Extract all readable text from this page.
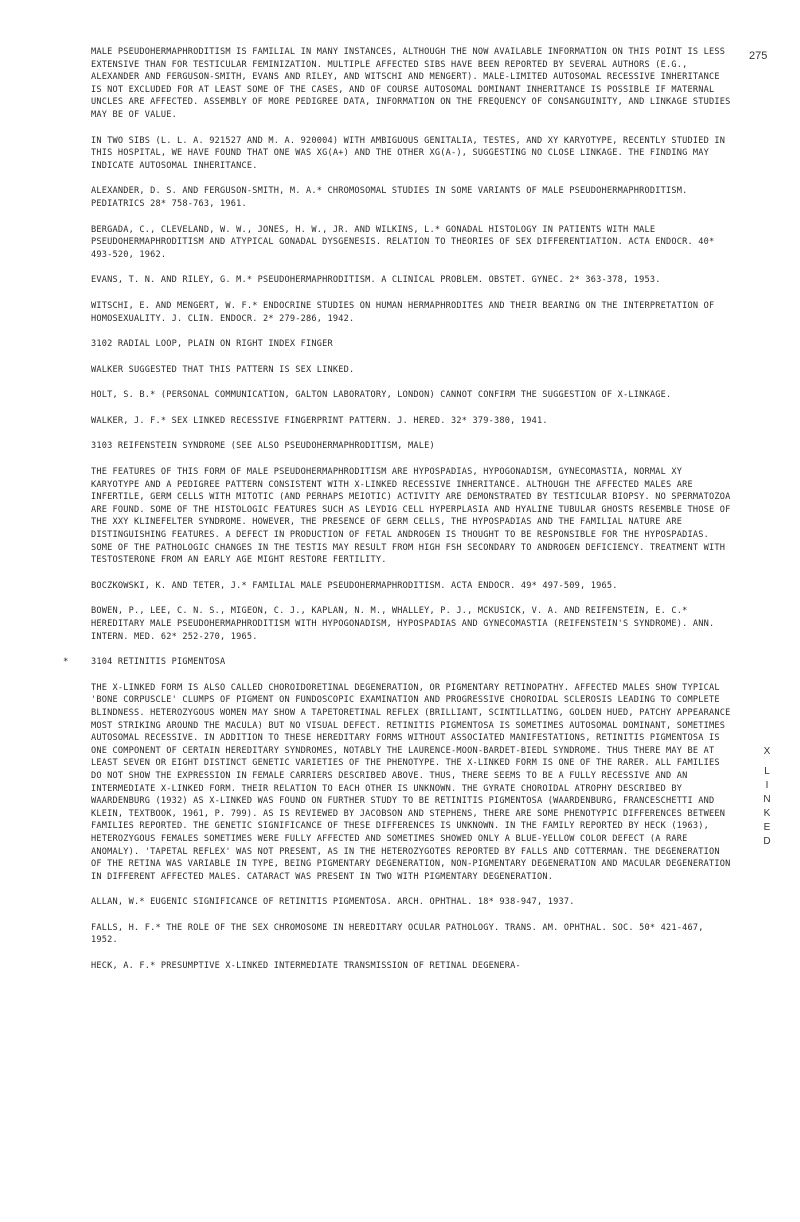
275

MALE PSEUDOHERMAPHRODITISM IS FAMILIAL IN MANY INSTANCES, ALTHOUGH THE NOW AVAILABLE INFORMATION ON THIS POINT IS LESS EXTENSIVE THAN FOR TESTICULAR FEMINIZATION. MULTIPLE AFFECTED SIBS HAVE BEEN REPORTED BY SEVERAL AUTHORS (E.G., ALEXANDER AND FERGUSON-SMITH, EVANS AND RILEY, AND WITSCHI AND MENGERT). MALE-LIMITED AUTOSOMAL RECESSIVE INHERITANCE IS NOT EXCLUDED FOR AT LEAST SOME OF THE CASES, AND OF COURSE AUTOSOMAL DOMINANT INHERITANCE IS POSSIBLE IF MATERNAL UNCLES ARE AFFECTED. ASSEMBLY OF MORE PEDIGREE DATA, INFORMATION ON THE FREQUENCY OF CONSANGUINITY, AND LINKAGE STUDIES MAY BE OF VALUE.

IN TWO SIBS (L. L. A. 921527 AND M. A. 920004) WITH AMBIGUOUS GENITALIA, TESTES, AND XY KARYOTYPE, RECENTLY STUDIED IN THIS HOSPITAL, WE HAVE FOUND THAT ONE WAS XG(A+) AND THE OTHER XG(A-), SUGGESTING NO CLOSE LINKAGE. THE FINDING MAY INDICATE AUTOSOMAL INHERITANCE.

ALEXANDER, D. S. AND FERGUSON-SMITH, M. A.* CHROMOSOMAL STUDIES IN SOME VARIANTS OF MALE PSEUDOHERMAPHRODITISM. PEDIATRICS 28* 758-763, 1961.

BERGADA, C., CLEVELAND, W. W., JONES, H. W., JR. AND WILKINS, L.* GONADAL HISTOLOGY IN PATIENTS WITH MALE PSEUDOHERMAPHRODITISM AND ATYPICAL GONADAL DYSGENESIS. RELATION TO THEORIES OF SEX DIFFERENTIATION. ACTA ENDOCR. 40* 493-520, 1962.

EVANS, T. N. AND RILEY, G. M.* PSEUDOHERMAPHRODITISM. A CLINICAL PROBLEM. OBSTET. GYNEC. 2* 363-378, 1953.

WITSCHI, E. AND MENGERT, W. F.* ENDOCRINE STUDIES ON HUMAN HERMAPHRODITES AND THEIR BEARING ON THE INTERPRETATION OF HOMOSEXUALITY. J. CLIN. ENDOCR. 2* 279-286, 1942.

3102 RADIAL LOOP, PLAIN ON RIGHT INDEX FINGER

WALKER SUGGESTED THAT THIS PATTERN IS SEX LINKED.

HOLT, S. B.* (PERSONAL COMMUNICATION, GALTON LABORATORY, LONDON) CANNOT CONFIRM THE SUGGESTION OF X-LINKAGE.

WALKER, J. F.* SEX LINKED RECESSIVE FINGERPRINT PATTERN. J. HERED. 32* 379-380, 1941.

3103 REIFENSTEIN SYNDROME (SEE ALSO PSEUDOHERMAPHRODITISM, MALE)

THE FEATURES OF THIS FORM OF MALE PSEUDOHERMAPHRODITISM ARE HYPOSPADIAS, HYPOGONADISM, GYNECOMASTIA, NORMAL XY KARYOTYPE AND A PEDIGREE PATTERN CONSISTENT WITH X-LINKED RECESSIVE INHERITANCE. ALTHOUGH THE AFFECTED MALES ARE INFERTILE, GERM CELLS WITH MITOTIC (AND PERHAPS MEIOTIC) ACTIVITY ARE DEMONSTRATED BY TESTICULAR BIOPSY. NO SPERMATOZOA ARE FOUND. SOME OF THE HISTOLOGIC FEATURES SUCH AS LEYDIG CELL HYPERPLASIA AND HYALINE TUBULAR GHOSTS RESEMBLE THOSE OF THE XXY KLINEFELTER SYNDROME. HOWEVER, THE PRESENCE OF GERM CELLS, THE HYPOSPADIAS AND THE FAMILIAL NATURE ARE DISTINGUISHING FEATURES. A DEFECT IN PRODUCTION OF FETAL ANDROGEN IS THOUGHT TO BE RESPONSIBLE FOR THE HYPOSPADIAS. SOME OF THE PATHOLOGIC CHANGES IN THE TESTIS MAY RESULT FROM HIGH FSH SECONDARY TO ANDROGEN DEFICIENCY. TREATMENT WITH TESTOSTERONE FROM AN EARLY AGE MIGHT RESTORE FERTILITY.

BOCZKOWSKI, K. AND TETER, J.* FAMILIAL MALE PSEUDOHERMAPHRODITISM. ACTA ENDOCR. 49* 497-509, 1965.

BOWEN, P., LEE, C. N. S., MIGEON, C. J., KAPLAN, N. M., WHALLEY, P. J., MCKUSICK, V. A. AND REIFENSTEIN, E. C.* HEREDITARY MALE PSEUDOHERMAPHRODITISM WITH HYPOGONADISM, HYPOSPADIAS AND GYNECOMASTIA (REIFENSTEIN'S SYNDROME). ANN. INTERN. MED. 62* 252-270, 1965.

*	3104 RETINITIS PIGMENTOSA

THE X-LINKED FORM IS ALSO CALLED CHOROIDORETINAL DEGENERATION, OR PIGMENTARY RETINOPATHY. AFFECTED MALES SHOW TYPICAL 'BONE CORPUSCLE' CLUMPS OF PIGMENT ON FUNDOSCOPIC EXAMINATION AND PROGRESSIVE CHOROIDAL SCLEROSIS LEADING TO COMPLETE BLINDNESS. HETEROZYGOUS WOMEN MAY SHOW A TAPETORETINAL REFLEX (BRILLIANT, SCINTILLATING, GOLDEN HUED, PATCHY APPEARANCE MOST STRIKING AROUND THE MACULA) BUT NO VISUAL DEFECT. RETINITIS PIGMENTOSA IS SOMETIMES AUTOSOMAL DOMINANT, SOMETIMES AUTOSOMAL RECESSIVE. IN ADDITION TO THESE HEREDITARY FORMS WITHOUT ASSOCIATED MANIFESTATIONS, RETINITIS PIGMENTOSA IS ONE COMPONENT OF CERTAIN HEREDITARY SYNDROMES, NOTABLY THE LAURENCE-MOON-BARDET-BIEDL SYNDROME. THUS THERE MAY BE AT LEAST SEVEN OR EIGHT DISTINCT GENETIC VARIETIES OF THE PHENOTYPE. THE X-LINKED FORM IS ONE OF THE RARER. ALL FAMILIES DO NOT SHOW THE EXPRESSION IN FEMALE CARRIERS DESCRIBED ABOVE. THUS, THERE SEEMS TO BE A FULLY RECESSIVE AND AN INTERMEDIATE X-LINKED FORM. THEIR RELATION TO EACH OTHER IS UNKNOWN. THE GYRATE CHOROIDAL ATROPHY DESCRIBED BY WAARDENBURG (1932) AS X-LINKED WAS FOUND ON FURTHER STUDY TO BE RETINITIS PIGMENTOSA (WAARDENBURG, FRANCESCHETTI AND KLEIN, TEXTBOOK, 1961, P. 799). AS IS REVIEWED BY JACOBSON AND STEPHENS, THERE ARE SOME PHENOTYPIC DIFFERENCES BETWEEN FAMILIES REPORTED. THE GENETIC SIGNIFICANCE OF THESE DIFFERENCES IS UNKNOWN. IN THE FAMILY REPORTED BY HECK (1963), HETEROZYGOUS FEMALES SOMETIMES WERE FULLY AFFECTED AND SOMETIMES SHOWED ONLY A BLUE-YELLOW COLOR DEFECT (A RARE ANOMALY). 'TAPETAL REFLEX' WAS NOT PRESENT, AS IN THE HETEROZYGOTES REPORTED BY FALLS AND COTTERMAN. THE DEGENERATION OF THE RETINA WAS VARIABLE IN TYPE, BEING PIGMENTARY DEGENERATION, NON-PIGMENTARY DEGENERATION AND MACULAR DEGENERATION IN DIFFERENT AFFECTED MALES. CATARACT WAS PRESENT IN TWO WITH PIGMENTARY DEGENERATION.

ALLAN, W.* EUGENIC SIGNIFICANCE OF RETINITIS PIGMENTOSA. ARCH. OPHTHAL. 18* 938-947, 1937.

FALLS, H. F.* THE ROLE OF THE SEX CHROMOSOME IN HEREDITARY OCULAR PATHOLOGY. TRANS. AM. OPHTHAL. SOC. 50* 421-467, 1952.

HECK, A. F.* PRESUMPTIVE X-LINKED INTERMEDIATE TRANSMISSION OF RETINAL DEGENERA-

X
L
I
N
K
E
D
